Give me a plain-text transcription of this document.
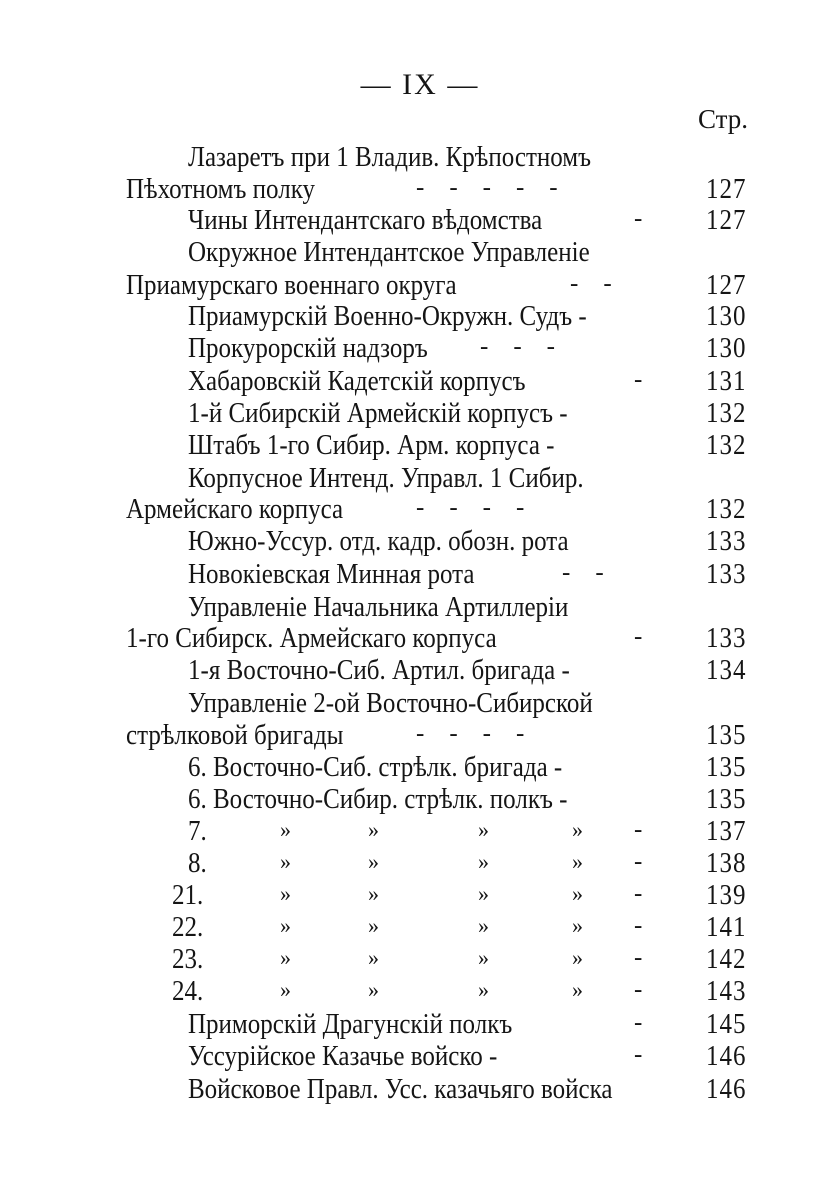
— IX —
Стр.
Лазаретъ при 1 Владив. Крѣпостномъ
Пѣхотномъ полку	-    -    -    -    -	127
Чины Интендантскаго вѣдомства	-	127
Окружное Интендантское Управленіе
Приамурскаго военнаго округа	-    -	127
Приамурскій Военно-Окружн. Судъ -	130
Прокурорскій надзоръ -    -    -	130
Хабаровскій Кадетскій корпусъ	-	131
1-й Сибирскій Армейскій корпусъ -	132
Штабъ 1-го Сибир. Арм. корпуса -	132
Корпусное Интенд. Управл. 1 Сибир.
Армейскаго корпуса	-    -    -    -	132
Южно-Уссур. отд. кадр. обозн. рота	133
Новокіевская Минная рота	-    -	133
Управленіе Начальника Артиллеріи
1-го Сибирск. Армейскаго корпуса	-	133
1-я Восточно-Сиб. Артил. бригада -	134
Управленіе 2-ой Восточно-Сибирской
стрѣлковой бригады	-    -    -    -	135
6. Восточно-Сиб. стрѣлк. бригада -	135
6. Восточно-Сибир. стрѣлк. полкъ -	135
7.	»	»	»	» -	137
8.	»	»	»	» -	138
21.	»	»	»	» -	139
22.	»	»	»	» -	141
23.	»	»	»	» -	142
24.	»	»	»	» -	143
Приморскій Драгунскій полкъ	-	145
Уссурійское Казачье войско -	-	146
Войсковое Правл. Усс. казачьяго войска	146
